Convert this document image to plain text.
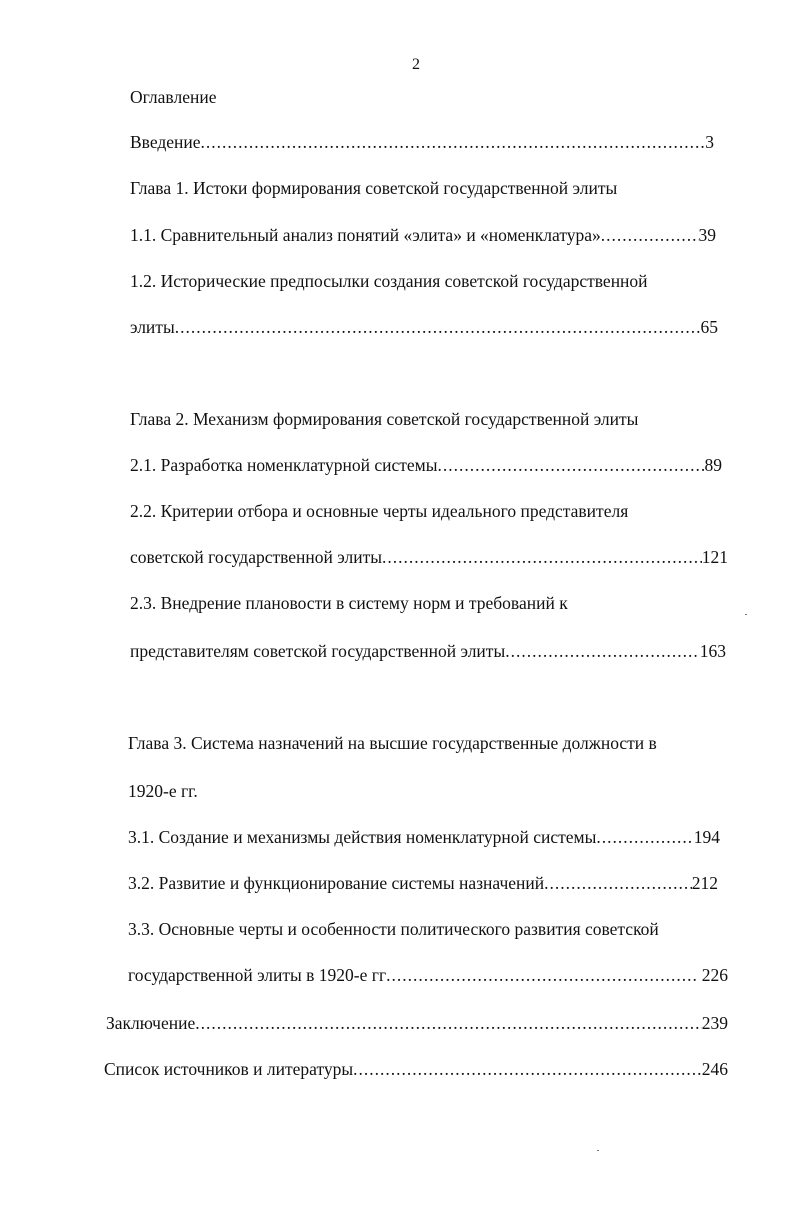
2
Оглавление
Введение .....	3
Глава 1. Истоки формирования советской государственной элиты
1.1. Сравнительный анализ понятий «элита» и «номенклатура» .....	39
1.2. Исторические предпосылки создания советской государственной
элиты .....	65
Глава 2. Механизм формирования советской государственной элиты
2.1. Разработка номенклатурной системы .....	89
2.2. Критерии отбора и основные черты идеального представителя
советской государственной элиты .....	121
2.3. Внедрение плановости в систему норм и требований к
представителям советской государственной элиты .....	163
Глава 3. Система назначений на высшие государственные должности в
1920-е гг.
3.1. Создание и механизмы действия номенклатурной системы .....	194
3.2. Развитие и функционирование системы назначений .....	212
3.3. Основные черты и особенности политического развития советской
государственной элиты в 1920-е гг .....	226
Заключение .....	239
Список источников и литературы .....	246
